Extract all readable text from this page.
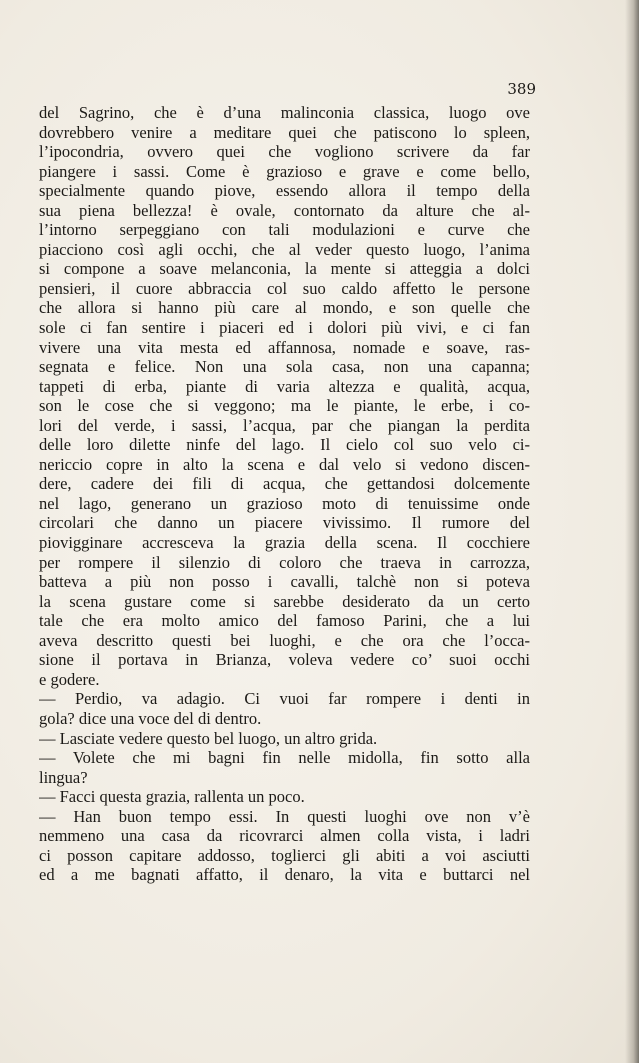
389
del Sagrino, che è d’una malinconia classica, luogo ove
dovrebbero venire a meditare quei che patiscono lo spleen,
l’ipocondria, ovvero quei che vogliono scrivere da far
piangere i sassi. Come è grazioso e grave e come bello,
specialmente quando piove, essendo allora il tempo della
sua piena bellezza! è ovale, contornato da alture che al-
l’intorno serpeggiano con tali modulazioni e curve che
piacciono così agli occhi, che al veder questo luogo, l’anima
si compone a soave melanconia, la mente si atteggia a dolci
pensieri, il cuore abbraccia col suo caldo affetto le persone
che allora si hanno più care al mondo, e son quelle che
sole ci fan sentire i piaceri ed i dolori più vivi, e ci fan
vivere una vita mesta ed affannosa, nomade e soave, ras-
segnata e felice. Non una sola casa, non una capanna;
tappeti di erba, piante di varia altezza e qualità, acqua,
son le cose che si veggono; ma le piante, le erbe, i co-
lori del verde, i sassi, l’acqua, par che piangan la perdita
delle loro dilette ninfe del lago. Il cielo col suo velo ci-
nericcio copre in alto la scena e dal velo si vedono discen-
dere, cadere dei fili di acqua, che gettandosi dolcemente
nel lago, generano un grazioso moto di tenuissime onde
circolari che danno un piacere vivissimo. Il rumore del
piovigginare accresceva la grazia della scena. Il cocchiere
per rompere il silenzio di coloro che traeva in carrozza,
batteva a più non posso i cavalli, talchè non si poteva
la scena gustare come si sarebbe desiderato da un certo
tale che era molto amico del famoso Parini, che a lui
aveva descritto questi bei luoghi, e che ora che l’occa-
sione il portava in Brianza, voleva vedere co’ suoi occhi
e godere.
— Perdio, va adagio. Ci vuoi far rompere i denti in
gola? dice una voce del di dentro.
— Lasciate vedere questo bel luogo, un altro grida.
— Volete che mi bagni fin nelle midolla, fin sotto alla
lingua?
— Facci questa grazia, rallenta un poco.
— Han buon tempo essi. In questi luoghi ove non v’è
nemmeno una casa da ricovrarci almen colla vista, i ladri
ci posson capitare addosso, toglierci gli abiti a voi asciutti
ed a me bagnati affatto, il denaro, la vita e buttarci nel
